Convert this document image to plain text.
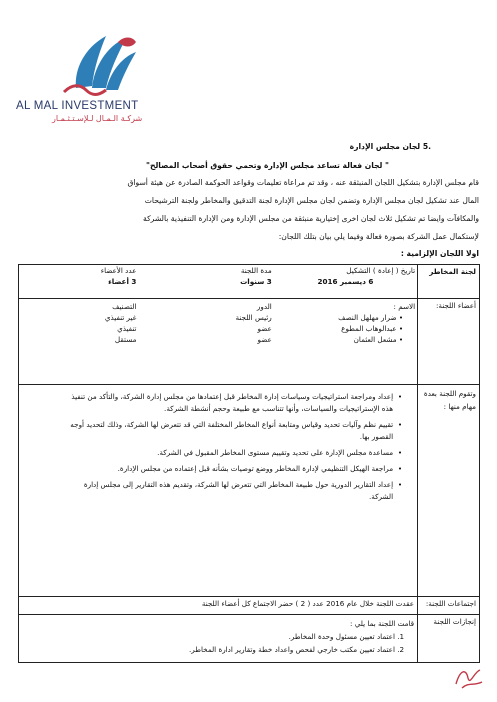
AL MAL INVESTMENT
شركـة الـمـال لـلإسـتـثـمـار
.5 لجان مجلس الإدارة
" لجان فعالة تساعد مجلس الإدارة وتحمي حقوق أصحاب المصالح"
قام مجلس الإدارة بتشكيل اللجان المنبثقة عنه ، وقد تم مراعاة تعليمات وقواعد الحوكمة الصادرة عن هيئة أسواق
المال عند تشكيل لجان مجلس الإدارة وتضمن لجان مجلس الإدارة لجنة التدقيق والمخاطر ولجنة الترشيحات
والمكافآت وايضا تم تشكيل ثلاث لجان اخرى إختيارية منبثقة من مجلس الإدارة ومن الإدارة التنفيذية بالشركة
لإستكمال عمل الشركة بصورة فعالة وفيما يلي بيان بتلك اللجان:
اولا اللجان الإلزامية :
لجنة المخاطر	
تاريخ ( إعادة ) التشكيل	مدة اللجنة	عدد الأعضاء
6 ديسمبر 2016	3 سنوات	3 أعضاء

أعضاء اللجنة:	
الاسم :	الدور	التصنيف
• ضرار مهلهل النصف	رئيس اللجنة	غير تنفيذي
• عبدالوهاب المطوع	عضو	تنفيذي
• مشعل العثمان	عضو	مستقل

وتقوم اللجنة بعدة مهام منها :	
• إعداد ومراجعة استراتيجيات وسياسات إدارة المخاطر قبل إعتمادها من مجلس إدارة الشركة، والتأكد من تنفيذ هذه الإستراتيجيات والسياسات، وأنها تتناسب مع طبيعة وحجم أنشطة الشركة.
• تقييم نظم وآليات تحديد وقياس ومتابعة أنواع المخاطر المختلفة التي قد تتعرض لها الشركة، وذلك لتحديد أوجه القصور بها.
• مساعدة مجلس الإدارة على تحديد وتقييم مستوى المخاطر المقبول في الشركة.
• مراجعة الهيكل التنظيمي لإدارة المخاطر ووضع توصيات بشأنه قبل إعتماده من مجلس الإدارة.
• إعداد التقارير الدورية حول طبيعة المخاطر التي تتعرض لها الشركة، وتقديم هذه التقارير إلى مجلس إدارة الشركة.

اجتماعات اللجنة:	عقدت اللجنة خلال عام 2016 عدد ( 2 ) حضر الاجتماع كل أعضاء اللجنة
إنجازات اللجنة	
قامت اللجنة بما يلي :
1. اعتماد تعيين مسئول وحدة المخاطر.
2. اعتماد تعيين مكتب خارجي لفحص واعداد خطة وتقارير ادارة المخاطر.
